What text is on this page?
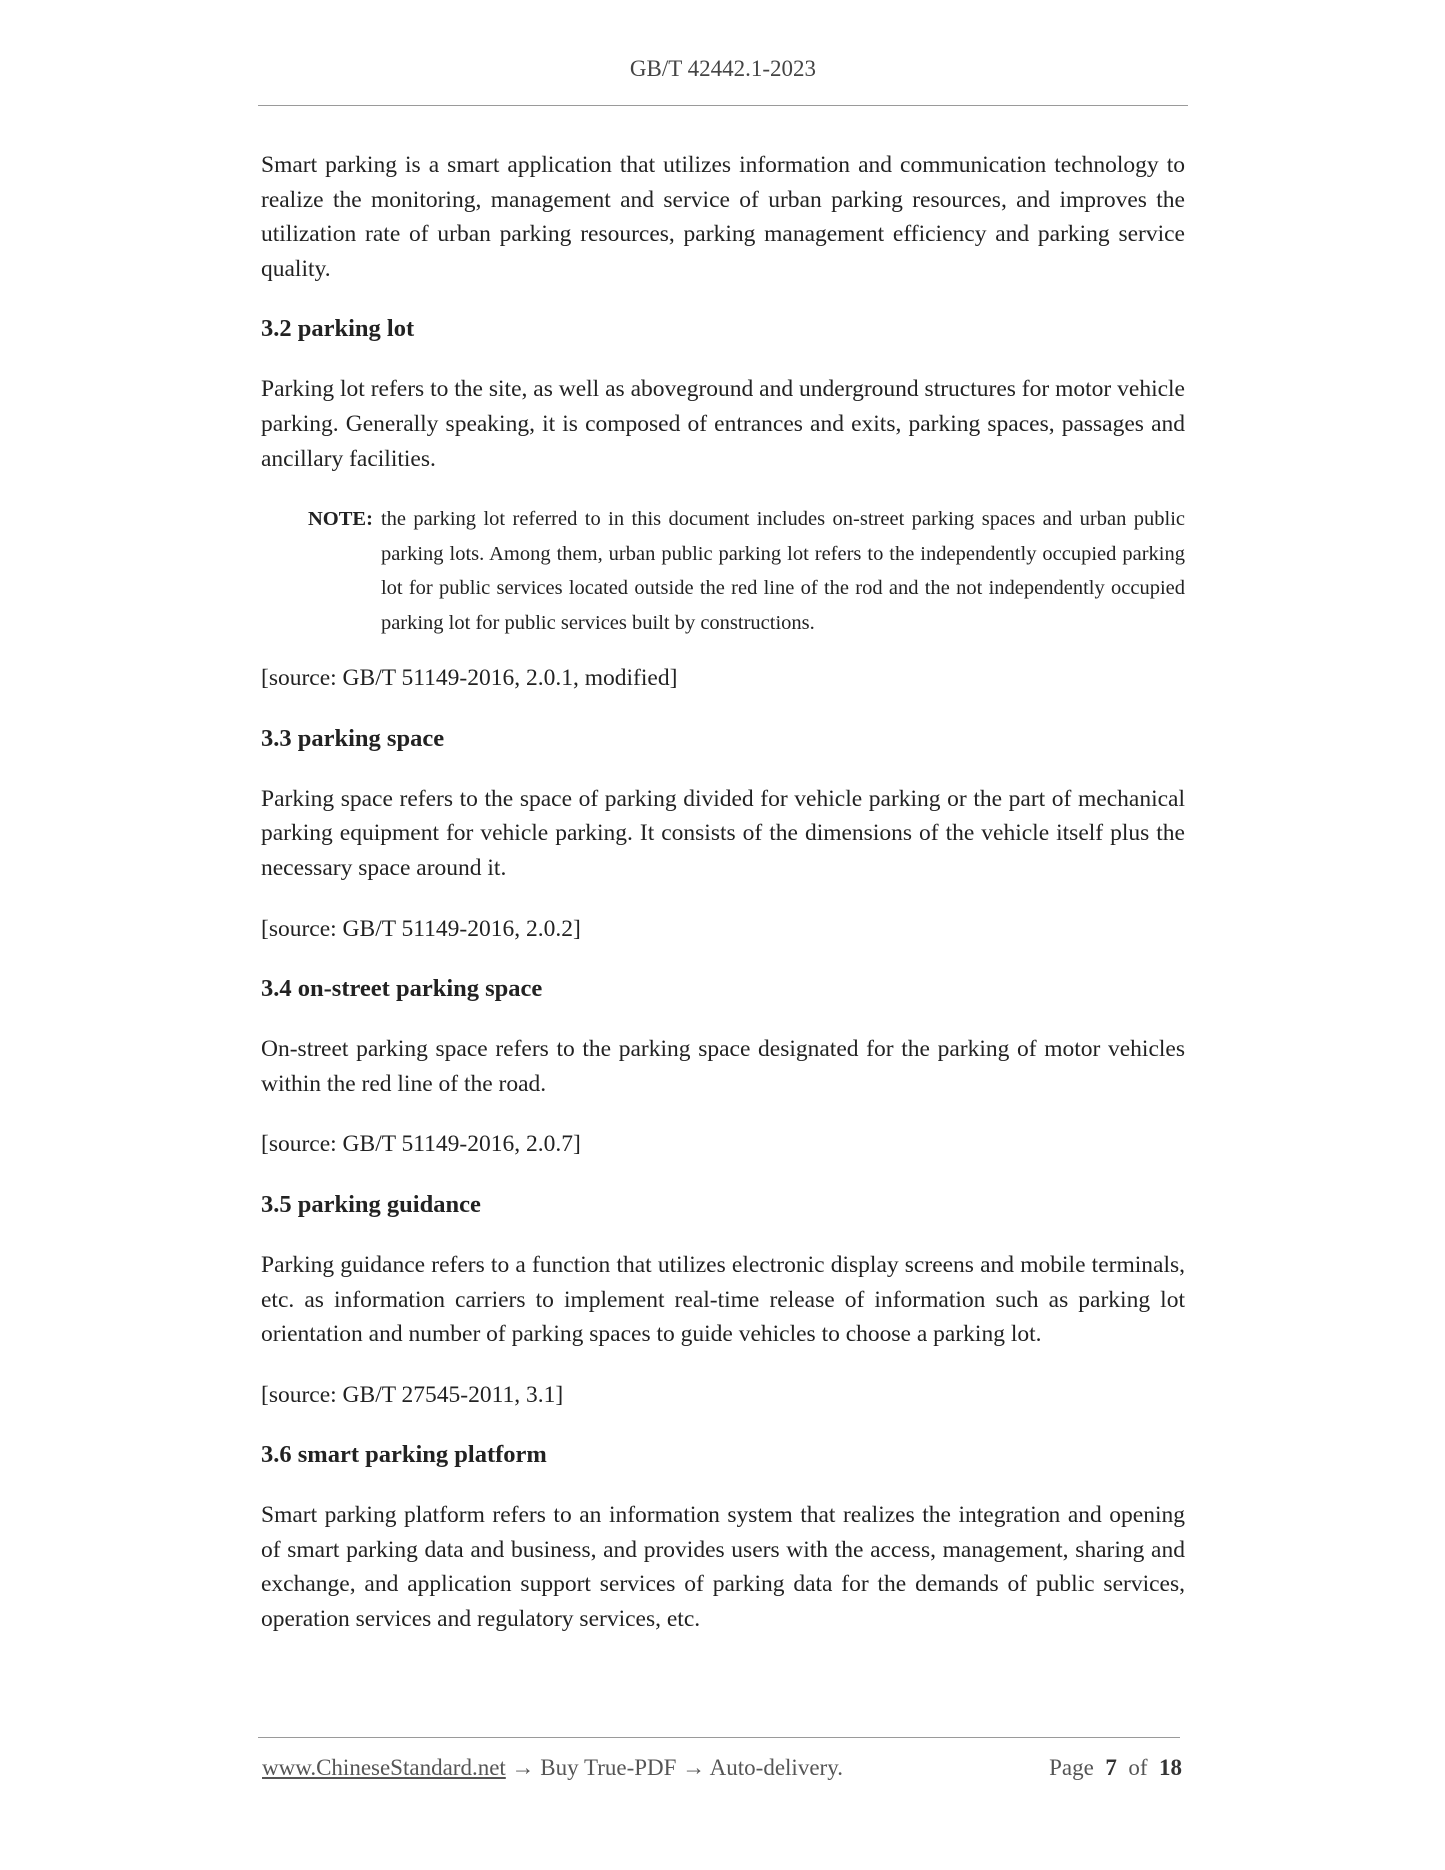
GB/T 42442.1-2023

Smart parking is a smart application that utilizes information and communication technology to realize the monitoring, management and service of urban parking resources, and improves the utilization rate of urban parking resources, parking management efficiency and parking service quality.

3.2 parking lot

Parking lot refers to the site, as well as aboveground and underground structures for motor vehicle parking. Generally speaking, it is composed of entrances and exits, parking spaces, passages and ancillary facilities.

NOTE: the parking lot referred to in this document includes on-street parking spaces and urban public parking lots. Among them, urban public parking lot refers to the independently occupied parking lot for public services located outside the red line of the rod and the not independently occupied parking lot for public services built by constructions.

[source: GB/T 51149-2016, 2.0.1, modified]

3.3 parking space

Parking space refers to the space of parking divided for vehicle parking or the part of mechanical parking equipment for vehicle parking. It consists of the dimensions of the vehicle itself plus the necessary space around it.

[source: GB/T 51149-2016, 2.0.2]

3.4 on-street parking space

On-street parking space refers to the parking space designated for the parking of motor vehicles within the red line of the road.

[source: GB/T 51149-2016, 2.0.7]

3.5 parking guidance

Parking guidance refers to a function that utilizes electronic display screens and mobile terminals, etc. as information carriers to implement real-time release of information such as parking lot orientation and number of parking spaces to guide vehicles to choose a parking lot.

[source: GB/T 27545-2011, 3.1]

3.6 smart parking platform

Smart parking platform refers to an information system that realizes the integration and opening of smart parking data and business, and provides users with the access, management, sharing and exchange, and application support services of parking data for the demands of public services, operation services and regulatory services, etc.

www.ChineseStandard.net → Buy True-PDF → Auto-delivery.	Page 7 of 18
